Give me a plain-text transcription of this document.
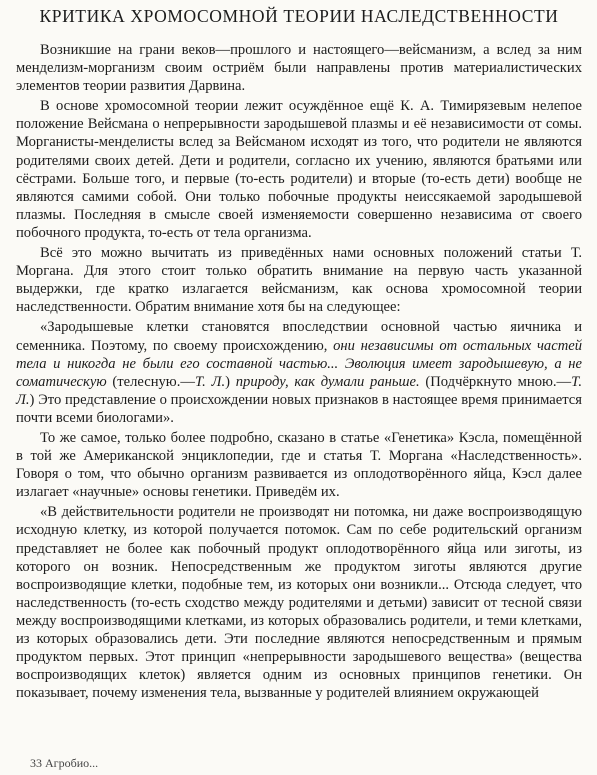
КРИТИКА ХРОМОСОМНОЙ ТЕОРИИ НАСЛЕДСТВЕННОСТИ

Возникшие на грани веков—прошлого и настоящего—вейсманизм, а вслед за ним менделизм-морганизм своим остриём были направлены против материалистических элементов теории развития Дарвина.

В основе хромосомной теории лежит осуждённое ещё К. А. Тимирязевым нелепое положение Вейсмана о непрерывности зародышевой плазмы и её независимости от сомы. Морганисты-менделисты вслед за Вейсманом исходят из того, что родители не являются родителями своих детей. Дети и родители, согласно их учению, являются братьями или сёстрами. Больше того, и первые (то-есть родители) и вторые (то-есть дети) вообще не являются самими собой. Они только побочные продукты неиссякаемой зародышевой плазмы. Последняя в смысле своей изменяемости совершенно независима от своего побочного продукта, то-есть от тела организма.

Всё это можно вычитать из приведённых нами основных положений статьи Т. Моргана. Для этого стоит только обратить внимание на первую часть указанной выдержки, где кратко излагается вейсманизм, как основа хромосомной теории наследственности. Обратим внимание хотя бы на следующее:

«Зародышевые клетки становятся впоследствии основной частью яичника и семенника. Поэтому, по своему происхождению, они независимы от остальных частей тела и никогда не были его составной частью... Эволюция имеет зародышевую, а не соматическую (телесную.—Т. Л.) природу, как думали раньше. (Подчёркнуто мною.—Т. Л.) Это представление о происхождении новых признаков в настоящее время принимается почти всеми биологами».

То же самое, только более подробно, сказано в статье «Генетика» Кэсла, помещённой в той же Американской энциклопедии, где и статья Т. Моргана «Наследственность». Говоря о том, что обычно организм развивается из оплодотворённого яйца, Кэсл далее излагает «научные» основы генетики. Приведём их.

«В действительности родители не производят ни потомка, ни даже воспроизводящую исходную клетку, из которой получается потомок. Сам по себе родительский организм представляет не более как побочный продукт оплодотворённого яйца или зиготы, из которого он возник. Непосредственным же продуктом зиготы являются другие воспроизводящие клетки, подобные тем, из которых они возникли... Отсюда следует, что наследственность (то-есть сходство между родителями и детьми) зависит от тесной связи между воспроизводящими клетками, из которых образовались родители, и теми клетками, из которых образовались дети. Эти последние являются непосредственным и прямым продуктом первых. Этот принцип «непрерывности зародышевого вещества» (вещества воспроизводящих клеток) является одним из основных принципов генетики. Он показывает, почему изменения тела, вызванные у родителей влиянием окружающей

33 Агробио...
